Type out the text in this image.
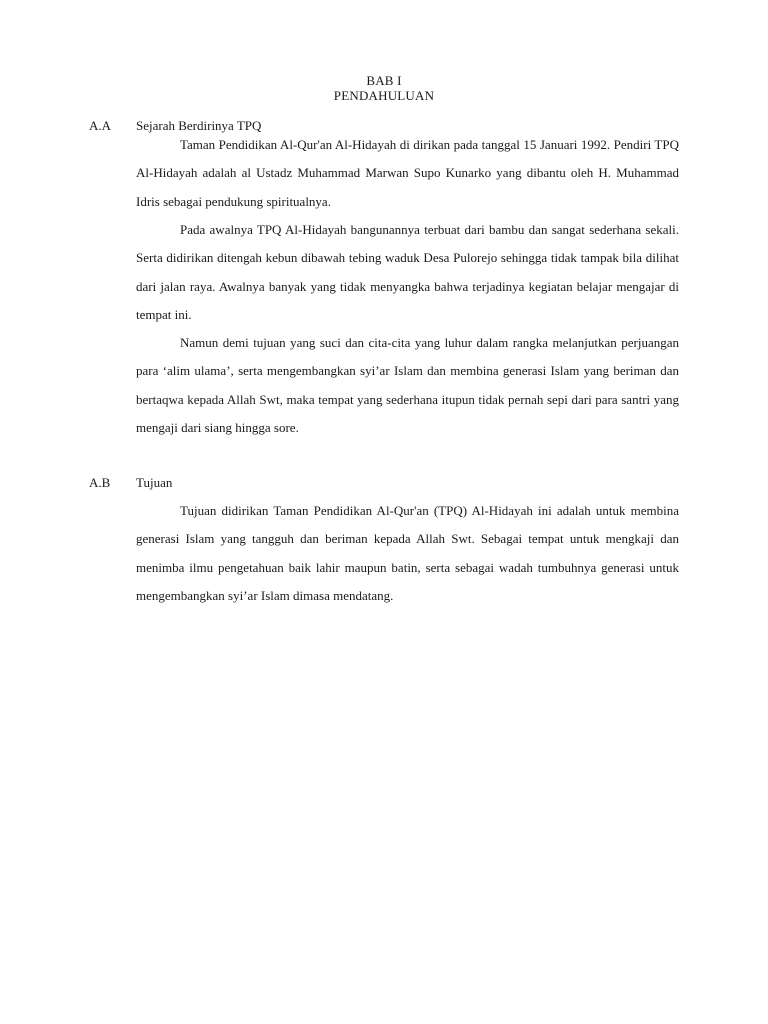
BAB I
PENDAHULUAN
A.A Sejarah Berdirinya TPQ

Taman Pendidikan Al-Qur'an Al-Hidayah di dirikan pada tanggal 15 Januari 1992. Pendiri TPQ Al-Hidayah adalah al Ustadz Muhammad Marwan Supo Kunarko yang dibantu oleh H. Muhammad Idris sebagai pendukung spiritualnya.

Pada awalnya TPQ Al-Hidayah bangunannya terbuat dari bambu dan sangat sederhana sekali. Serta didirikan ditengah kebun dibawah tebing waduk Desa Pulorejo sehingga tidak tampak bila dilihat dari jalan raya. Awalnya banyak yang tidak menyangka bahwa terjadinya kegiatan belajar mengajar di tempat ini.

Namun demi tujuan yang suci dan cita-cita yang luhur dalam rangka melanjutkan perjuangan para ‘alim ulama’, serta mengembangkan syi’ar Islam dan membina generasi Islam yang beriman dan bertaqwa kepada Allah Swt, maka tempat yang sederhana itupun tidak pernah sepi dari para santri yang mengaji dari siang hingga sore.

A.B Tujuan

Tujuan didirikan Taman Pendidikan Al-Qur'an (TPQ) Al-Hidayah ini adalah untuk membina generasi Islam yang tangguh dan beriman kepada Allah Swt. Sebagai tempat untuk mengkaji dan menimba ilmu pengetahuan baik lahir maupun batin, serta sebagai wadah tumbuhnya generasi untuk mengembangkan syi’ar Islam dimasa mendatang.
